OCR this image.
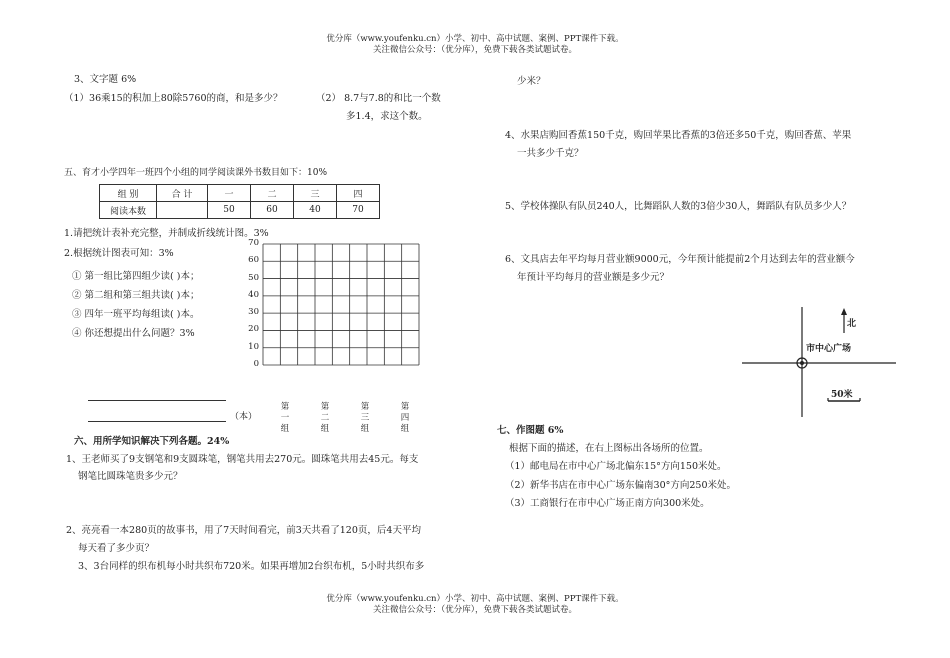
优分库（www.youfenku.cn）小学、初中、高中试题、案例、PPT课件下载。
关注微信公众号：（优分库），免费下载各类试题试卷。
3、文字题 6%
（1）36乘15的积加上80除5760的商，和是多少？	（2） 8.7与7.8的和比一个数
多1.4，求这个数。
五、育才小学四年一班四个小组的同学阅读课外书数目如下：10%
组 别	合 计	一	二	三	四
阅读本数		50	60	40	70
1.请把统计表补充完整，并制成折线统计图。3%
2.根据统计图表可知：3%
① 第一组比第四组少读( )本；
② 第二组和第三组共读( )本；
③ 四年一班平均每组读( )本。
④ 你还想提出什么问题？3%
70
60
50
40
30
20
10
0
第
一
组
第
二
组
第
三
组
第
四
组
（本）
六、用所学知识解决下列各题。24%
1、王老师买了9支钢笔和9支圆珠笔，钢笔共用去270元。圆珠笔共用去45元。每支
钢笔比圆珠笔贵多少元？
2、亮亮看一本280页的故事书，用了7天时间看完，前3天共看了120页，后4天平均
每天看了多少页？
3、3台同样的织布机每小时共织布720米。如果再增加2台织布机，5小时共织布多
少米？
4、水果店购回香蕉150千克，购回苹果比香蕉的3倍还多50千克，购回香蕉、苹果
一共多少千克？
5、学校体操队有队员240人，比舞蹈队人数的3倍少30人，舞蹈队有队员多少人？
6、文具店去年平均每月营业额9000元，今年预计能提前2个月达到去年的营业额今
年预计平均每月的营业额是多少元？
北
市中心广场
50米
七、作图题 6%
根据下面的描述，在右上图标出各场所的位置。
（1）邮电局在市中心广场北偏东15°方向150米处。
（2）新华书店在市中心广场东偏南30°方向250米处。
（3）工商银行在市中心广场正南方向300米处。
优分库（www.youfenku.cn）小学、初中、高中试题、案例、PPT课件下载。
关注微信公众号：（优分库），免费下载各类试题试卷。
